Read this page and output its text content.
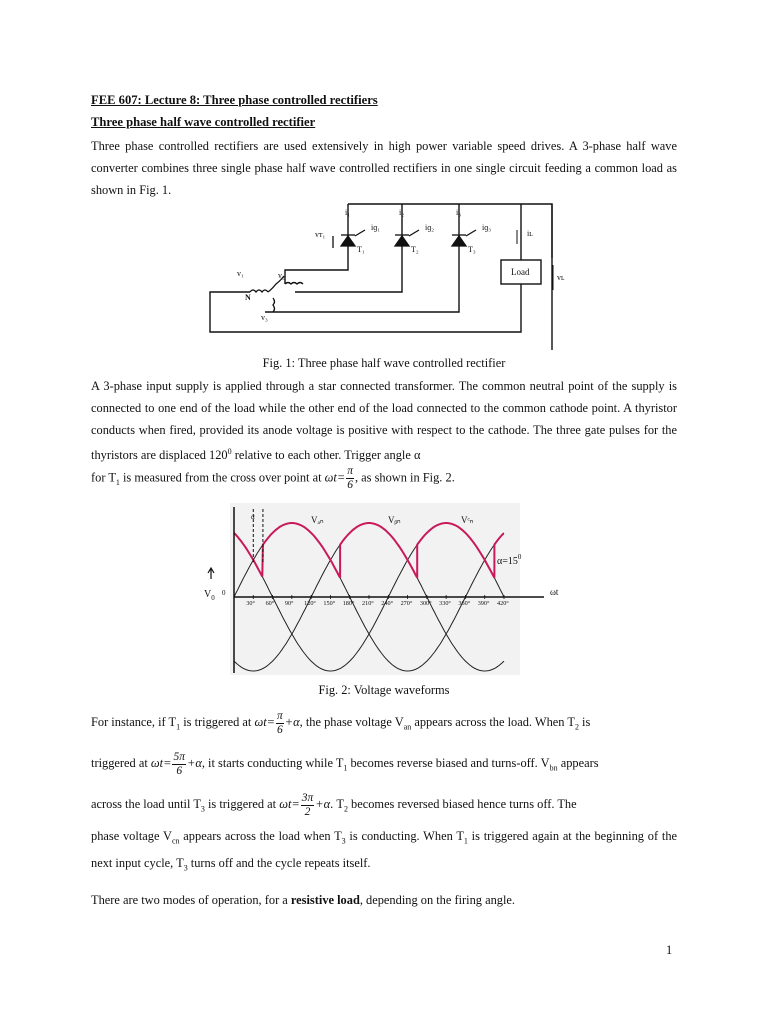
FEE 607: Lecture 8: Three phase controlled rectifiers
Three phase half wave controlled rectifier

Three phase controlled rectifiers are used extensively in high power variable speed drives. A 3-phase half wave converter combines three single phase half wave controlled rectifiers in one single circuit feeding a common load as shown in Fig. 1.

i₁	i₂	i₃
iɡ₁	iɡ₂	iɡ₃
vᴛ₁
T₁	T₂	T₃
iʟ
Load
vʟ
N
v₁	v₂
v₃
Fig. 1: Three phase half wave controlled rectifier

A 3-phase input supply is applied through a star connected transformer. The common neutral point of the supply is connected to one end of the load while the other end of the load connected to the common cathode point. A thyristor conducts when fired, provided its anode voltage is positive with respect to the cathode. The three gate pulses for the thyristors are displaced $120^0$ relative to each other. Trigger angle α

for $T_1$ is measured from the cross over point at $\omega t= \frac{\pi}{6}$ , as shown in Fig. 2.

30° 60° 90° 120° 150° 180° 210° 240° 270° 300° 330° 360° 390° 420°
Vₐₙ	Vᵦₙ	Vᶜₙ
$\alpha=15^0$
α
$V_0$
0	ωt
Fig. 2: Voltage waveforms

For instance, if $T_1$ is triggered at $\omega t= \frac{\pi}{6} +\alpha$, the phase voltage $V_{an}$ appears across the load. When $T_2$ is

triggered at $\omega t= \frac{5\pi}{6} +\alpha$, it starts conducting while $T_1$ becomes reverse biased and turns-off. $V_{bn}$ appears

across the load until $T_3$ is triggered at $\omega t= \frac{3\pi}{2} +\alpha$. $T_2$ becomes reversed biased hence turns off. The

phase voltage $V_{cn}$ appears across the load when $T_3$ is conducting. When $T_1$ is triggered again at the beginning of the next input cycle, $T_3$ turns off and the cycle repeats itself.

There are two modes of operation, for a resistive load, depending on the firing angle.

1
